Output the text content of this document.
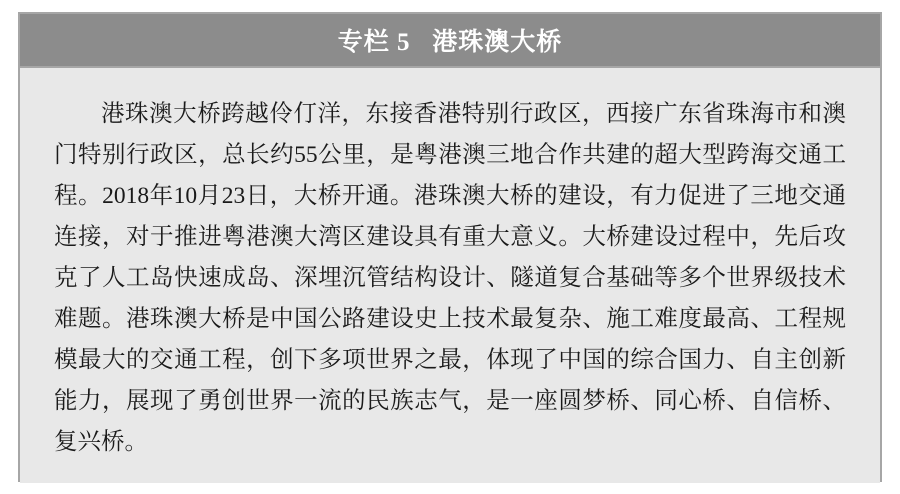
专栏 5   港珠澳大桥

港珠澳大桥跨越伶仃洋，东接香港特别行政区，西接广东省珠海市和澳门特别行政区，总长约55公里，是粤港澳三地合作共建的超大型跨海交通工程。2018年10月23日，大桥开通。港珠澳大桥的建设，有力促进了三地交通连接，对于推进粤港澳大湾区建设具有重大意义。大桥建设过程中，先后攻克了人工岛快速成岛、深埋沉管结构设计、隧道复合基础等多个世界级技术难题。港珠澳大桥是中国公路建设史上技术最复杂、施工难度最高、工程规模最大的交通工程，创下多项世界之最，体现了中国的综合国力、自主创新能力，展现了勇创世界一流的民族志气，是一座圆梦桥、同心桥、自信桥、复兴桥。
